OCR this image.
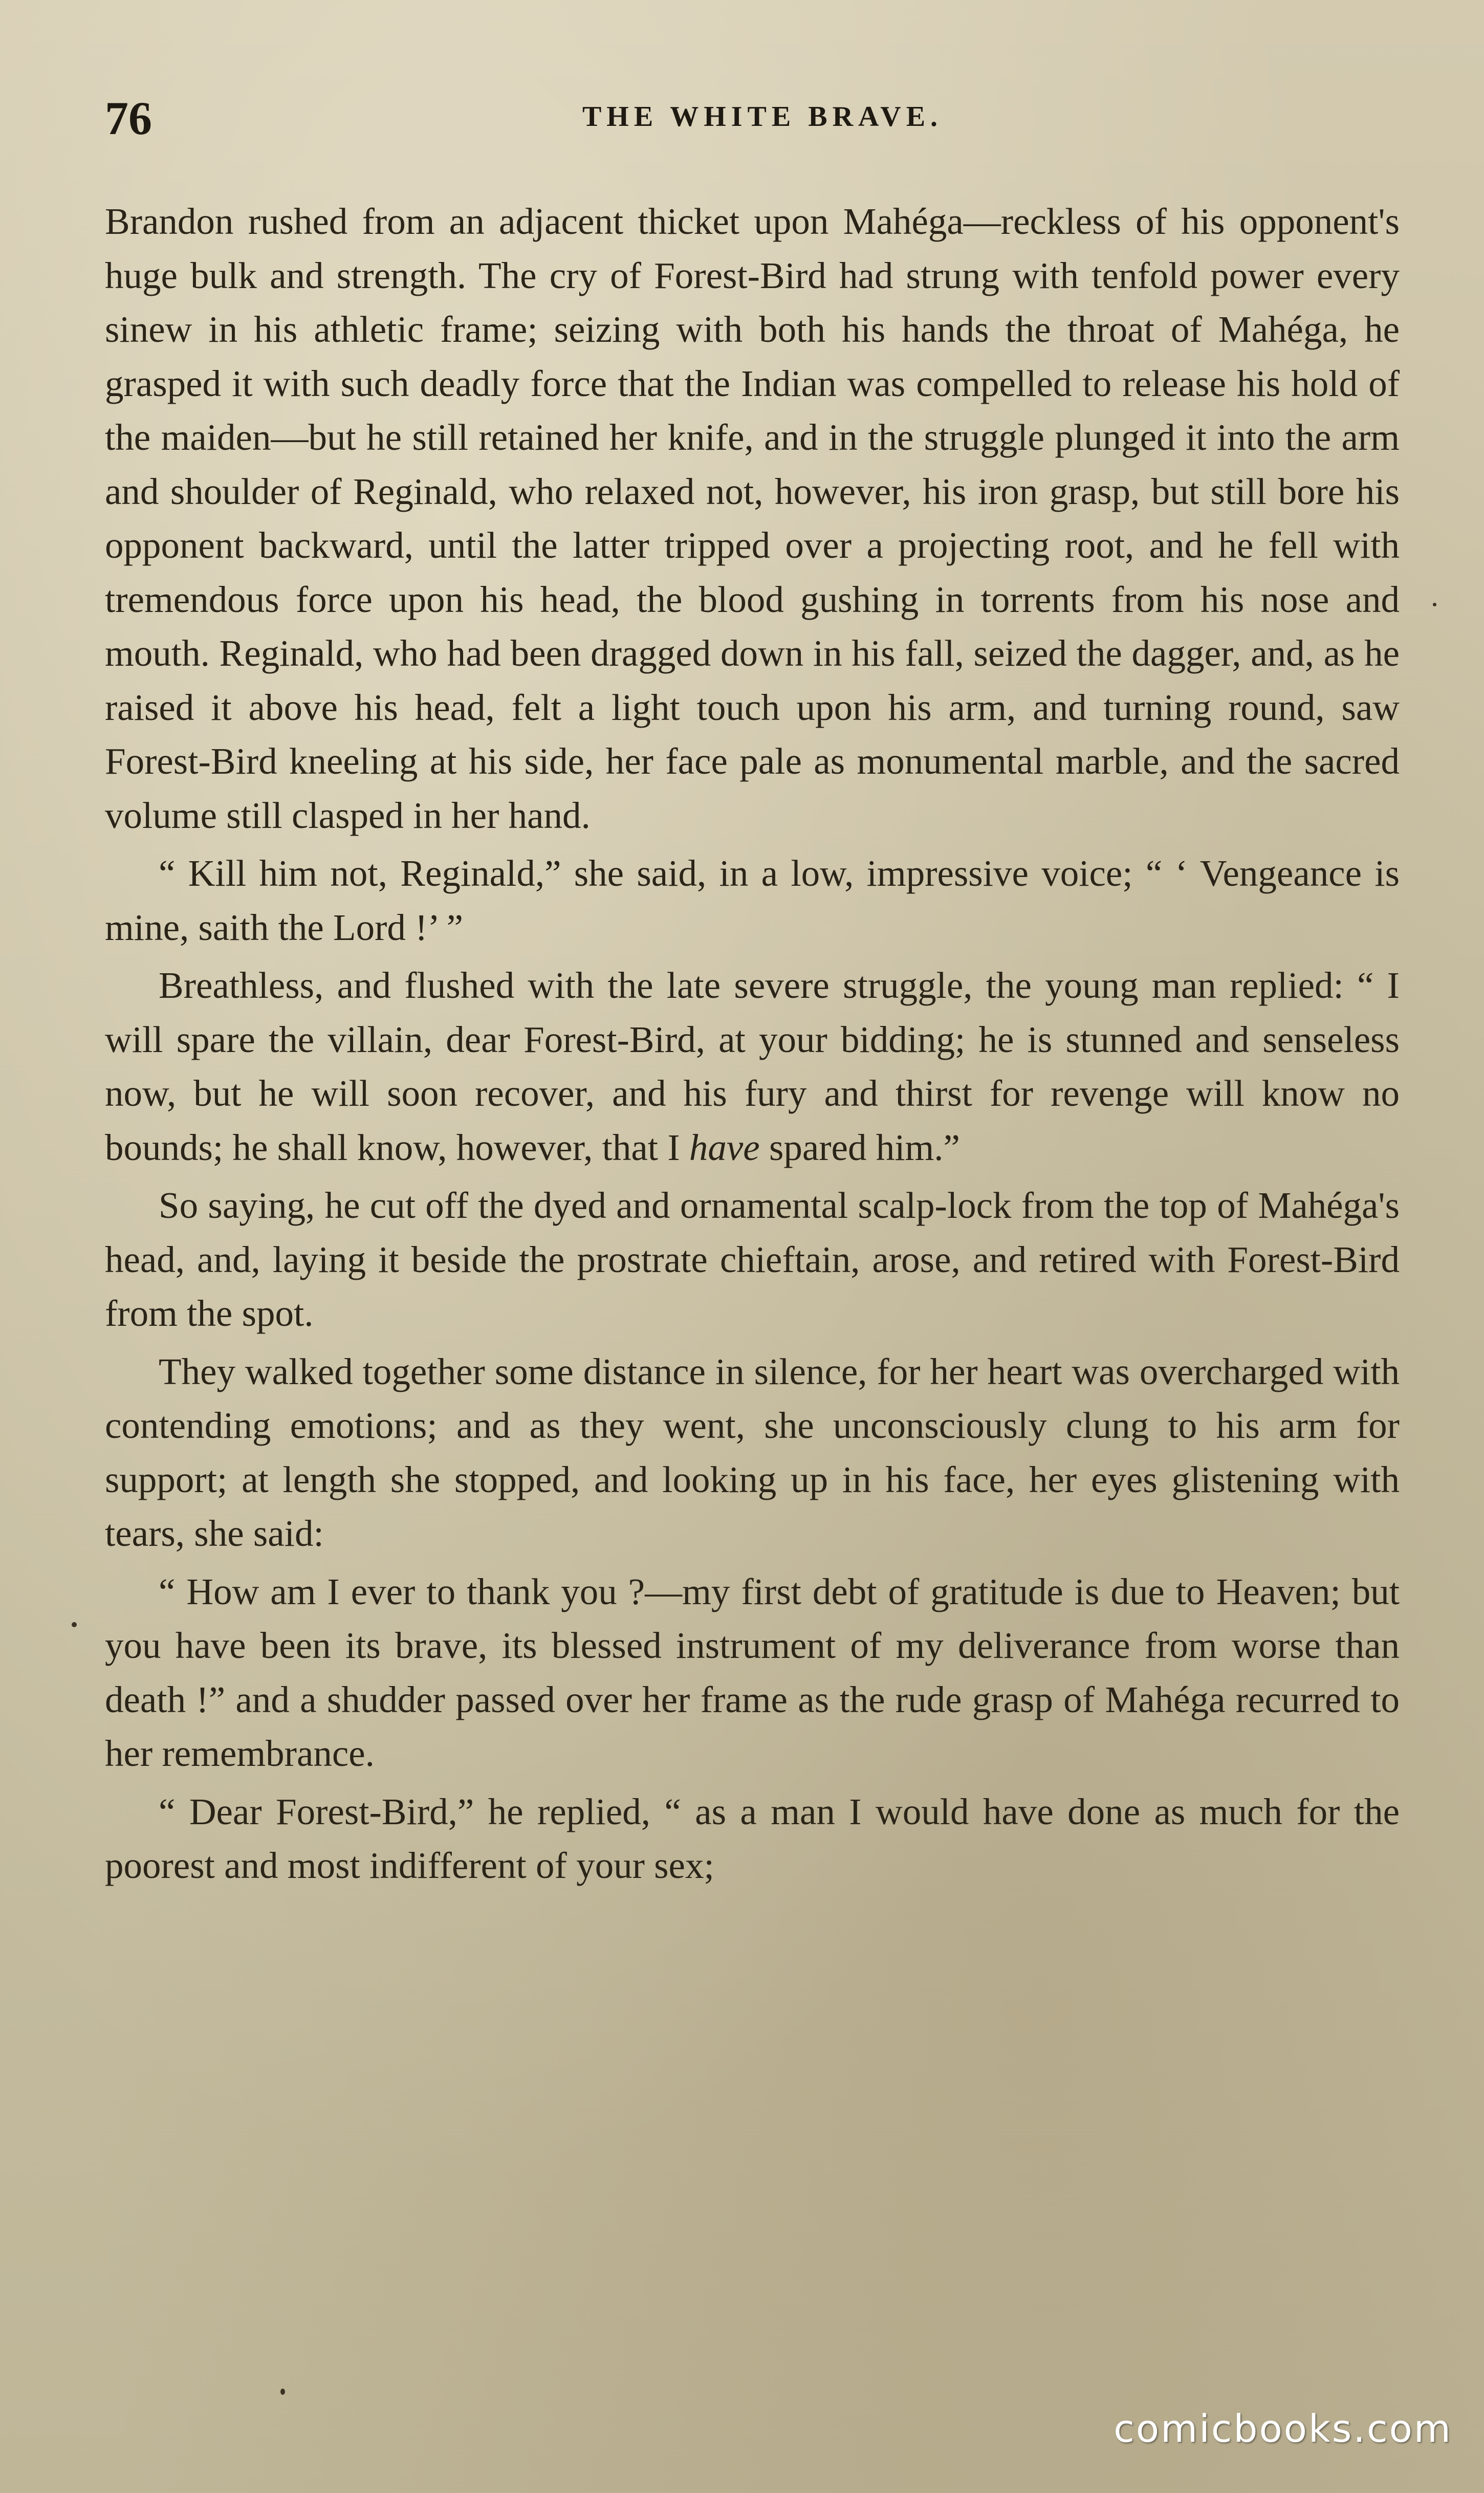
76	THE WHITE BRAVE.

Brandon rushed from an adjacent thicket upon Mahéga—reckless of his opponent's huge bulk and strength. The cry of Forest-Bird had strung with tenfold power every sinew in his athletic frame; seizing with both his hands the throat of Mahéga, he grasped it with such deadly force that the Indian was compelled to release his hold of the maiden—but he still retained her knife, and in the struggle plunged it into the arm and shoulder of Reginald, who relaxed not, however, his iron grasp, but still bore his opponent backward, until the latter tripped over a projecting root, and he fell with tremendous force upon his head, the blood gushing in torrents from his nose and mouth. Reginald, who had been dragged down in his fall, seized the dagger, and, as he raised it above his head, felt a light touch upon his arm, and turning round, saw Forest-Bird kneeling at his side, her face pale as monumental marble, and the sacred volume still clasped in her hand.

“ Kill him not, Reginald,” she said, in a low, impressive voice; “ ‘ Vengeance is mine, saith the Lord !’ ”

Breathless, and flushed with the late severe struggle, the young man replied: “ I will spare the villain, dear Forest-Bird, at your bidding; he is stunned and senseless now, but he will soon recover, and his fury and thirst for revenge will know no bounds; he shall know, however, that I have spared him.”

So saying, he cut off the dyed and ornamental scalp-lock from the top of Mahéga's head, and, laying it beside the prostrate chieftain, arose, and retired with Forest-Bird from the spot.

They walked together some distance in silence, for her heart was overcharged with contending emotions; and as they went, she unconsciously clung to his arm for support; at length she stopped, and looking up in his face, her eyes glistening with tears, she said:

“ How am I ever to thank you ?—my first debt of gratitude is due to Heaven; but you have been its brave, its blessed instrument of my deliverance from worse than death !” and a shudder passed over her frame as the rude grasp of Mahéga recurred to her remembrance.

“ Dear Forest-Bird,” he replied, “ as a man I would have done as much for the poorest and most indifferent of your sex;

comicbooks.com
